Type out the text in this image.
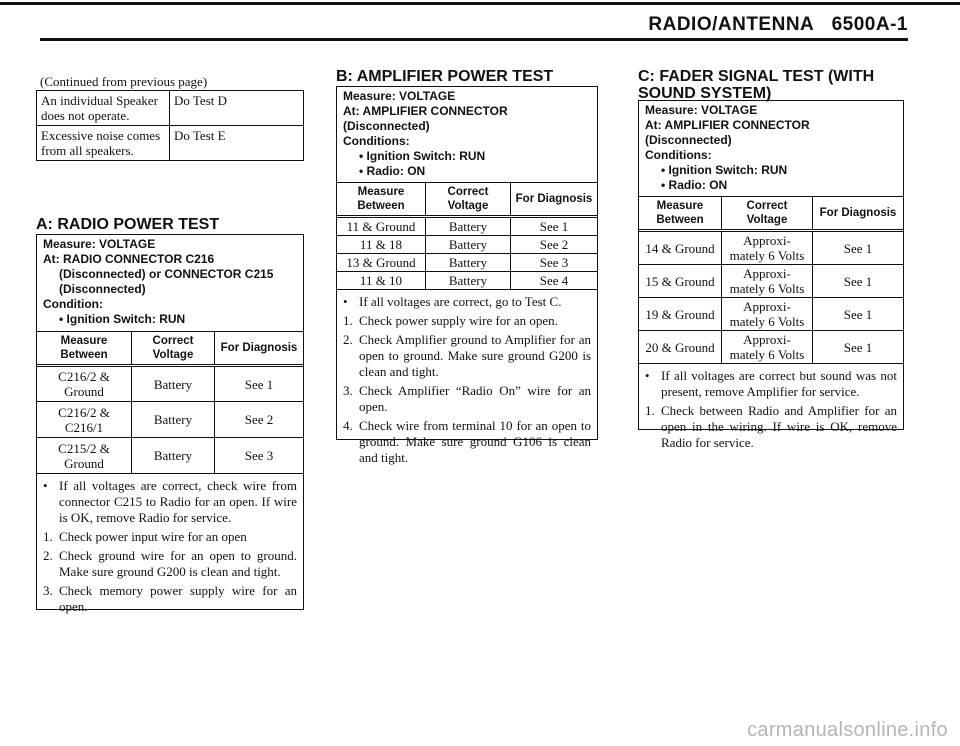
RADIO/ANTENNA 6500A-1
(Continued from previous page)
An individual Speaker does not operate.	Do Test D
Excessive noise comes from all speakers.	Do Test E
A: RADIO POWER TEST
Measure: VOLTAGE
At: RADIO CONNECTOR C216
(Disconnected) or CONNECTOR C215
(Disconnected)
Condition:
• Ignition Switch: RUN
Measure Between	Correct Voltage	For Diagnosis
C216/2 & Ground	Battery	See 1
C216/2 & C216/1	Battery	See 2
C215/2 & Ground	Battery	See 3
• If all voltages are correct, check wire from connector C215 to Radio for an open. If wire is OK, remove Radio for service.
1. Check power input wire for an open
2. Check ground wire for an open to ground. Make sure ground G200 is clean and tight.
3. Check memory power supply wire for an open.
B: AMPLIFIER POWER TEST
Measure: VOLTAGE
At: AMPLIFIER CONNECTOR (Disconnected)
Conditions:
• Ignition Switch: RUN
• Radio: ON
Measure Between	Correct Voltage	For Diagnosis
11 & Ground	Battery	See 1
11 & 18	Battery	See 2
13 & Ground	Battery	See 3
11 & 10	Battery	See 4
• If all voltages are correct, go to Test C.
1. Check power supply wire for an open.
2. Check Amplifier ground to Amplifier for an open to ground. Make sure ground G200 is clean and tight.
3. Check Amplifier “Radio On” wire for an open.
4. Check wire from terminal 10 for an open to ground. Make sure ground G106 is clean and tight.
C: FADER SIGNAL TEST (WITH SOUND SYSTEM)
Measure: VOLTAGE
At: AMPLIFIER CONNECTOR (Disconnected)
Conditions:
• Ignition Switch: RUN
• Radio: ON
Measure Between	Correct Voltage	For Diagnosis
14 & Ground	Approxi- mately 6 Volts	See 1
15 & Ground	Approxi- mately 6 Volts	See 1
19 & Ground	Approxi- mately 6 Volts	See 1
20 & Ground	Approxi- mately 6 Volts	See 1
• If all voltages are correct but sound was not present, remove Amplifier for service.
1. Check between Radio and Amplifier for an open in the wiring. If wire is OK, remove Radio for service.
carmanualsonline.info
